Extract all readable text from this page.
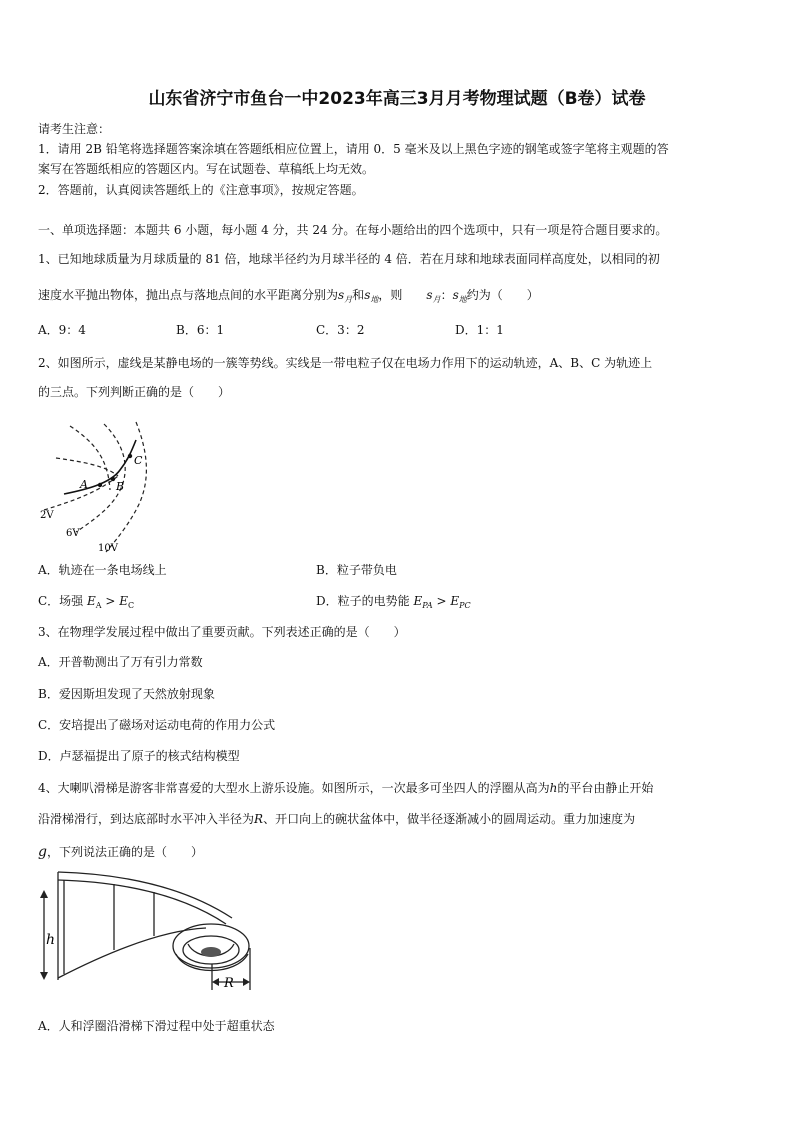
山东省济宁市鱼台一中2023年高三3月月考物理试题（B卷）试卷
请考生注意：
1．请用 2B 铅笔将选择题答案涂填在答题纸相应位置上，请用 0．5 毫米及以上黑色字迹的钢笔或签字笔将主观题的答
案写在答题纸相应的答题区内。写在试题卷、草稿纸上均无效。
2．答题前，认真阅读答题纸上的《注意事项》，按规定答题。
一、单项选择题：本题共 6 小题，每小题 4 分，共 24 分。在每小题给出的四个选项中，只有一项是符合题目要求的。
1、已知地球质量为月球质量的 81 倍，地球半径约为月球半径的 4 倍．若在月球和地球表面同样高度处，以相同的初
速度水平抛出物体，抛出点与落地点间的水平距离分别为$s_月$和$s_地$，则 $s_月$：$s_地$约为（　　）
A．9：4	B．6：1	C．3：2	D．1：1
2、如图所示，虚线是某静电场的一簇等势线。实线是一带电粒子仅在电场力作用下的运动轨迹，A、B、C 为轨迹上
的三点。下列判断正确的是（　　）
A	B
C
2V
6V
10V
A．轨迹在一条电场线上	B．粒子带负电
C．场强 $E_A > E_C$	D．粒子的电势能 $E_{PA} > E_{PC}$
3、在物理学发展过程中做出了重要贡献。下列表述正确的是（　　）
A．开普勒测出了万有引力常数
B．爱因斯坦发现了天然放射现象
C．安培提出了磁场对运动电荷的作用力公式
D．卢瑟福提出了原子的核式结构模型
4、大喇叭滑梯是游客非常喜爱的大型水上游乐设施。如图所示，一次最多可坐四人的浮圈从高为h的平台由静止开始
沿滑梯滑行，到达底部时水平冲入半径为R、开口向上的碗状盆体中，做半径逐渐减小的圆周运动。重力加速度为
g，下列说法正确的是（　　）
h
R
A．人和浮圈沿滑梯下滑过程中处于超重状态
